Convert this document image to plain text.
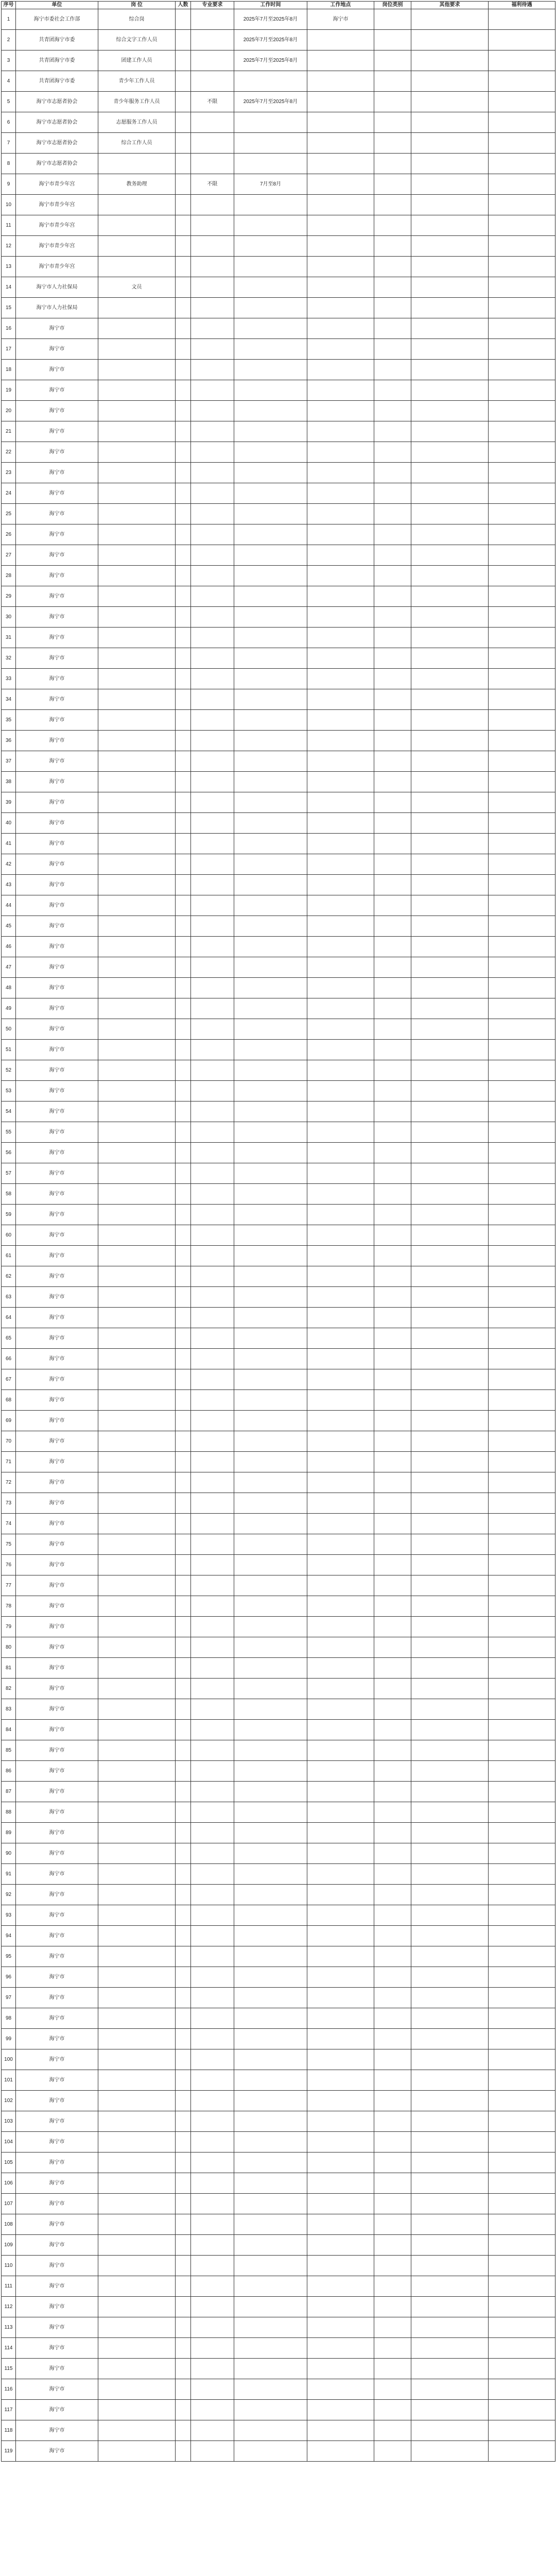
序号	单位	岗 位	人数	专业要求	工作时间	工作地点	岗位类别	其他要求	福利待遇
1	海宁市委社会工作部	综合岗			2025年7月至2025年8月	海宁市			
2	共青团海宁市委	综合文字工作人员			2025年7月至2025年8月				
3	共青团海宁市委	团建工作人员			2025年7月至2025年8月				
4	共青团海宁市委	青少年工作人员							
5	海宁市志愿者协会	青少年服务工作人员		不限	2025年7月至2025年8月				
6	海宁市志愿者协会	志愿服务工作人员							
7	海宁市志愿者协会	综合工作人员							
8	海宁市志愿者协会								
9	海宁市青少年宫	教务助理		不限	7月至8月				
10	海宁市青少年宫								
11	海宁市青少年宫								
12	海宁市青少年宫								
13	海宁市青少年宫								
14	海宁市人力社保局	文员							
15	海宁市人力社保局								
16	海宁市								
17	海宁市								
18	海宁市								
19	海宁市								
20	海宁市								
21	海宁市								
22	海宁市								
23	海宁市								
24	海宁市								
25	海宁市								
26	海宁市								
27	海宁市								
28	海宁市								
29	海宁市								
30	海宁市								
31	海宁市								
32	海宁市								
33	海宁市								
34	海宁市								
35	海宁市								
36	海宁市								
37	海宁市								
38	海宁市								
39	海宁市								
40	海宁市								
41	海宁市								
42	海宁市								
43	海宁市								
44	海宁市								
45	海宁市								
46	海宁市								
47	海宁市								
48	海宁市								
49	海宁市								
50	海宁市								
51	海宁市								
52	海宁市								
53	海宁市								
54	海宁市								
55	海宁市								
56	海宁市								
57	海宁市								
58	海宁市								
59	海宁市								
60	海宁市								
61	海宁市								
62	海宁市								
63	海宁市								
64	海宁市								
65	海宁市								
66	海宁市								
67	海宁市								
68	海宁市								
69	海宁市								
70	海宁市								
71	海宁市								
72	海宁市								
73	海宁市								
74	海宁市								
75	海宁市								
76	海宁市								
77	海宁市								
78	海宁市								
79	海宁市								
80	海宁市								
81	海宁市								
82	海宁市								
83	海宁市								
84	海宁市								
85	海宁市								
86	海宁市								
87	海宁市								
88	海宁市								
89	海宁市								
90	海宁市								
91	海宁市								
92	海宁市								
93	海宁市								
94	海宁市								
95	海宁市								
96	海宁市								
97	海宁市								
98	海宁市								
99	海宁市								
100	海宁市								
101	海宁市								
102	海宁市								
103	海宁市								
104	海宁市								
105	海宁市								
106	海宁市								
107	海宁市								
108	海宁市								
109	海宁市								
110	海宁市								
111	海宁市								
112	海宁市								
113	海宁市								
114	海宁市								
115	海宁市								
116	海宁市								
117	海宁市								
118	海宁市								
119	海宁市								
